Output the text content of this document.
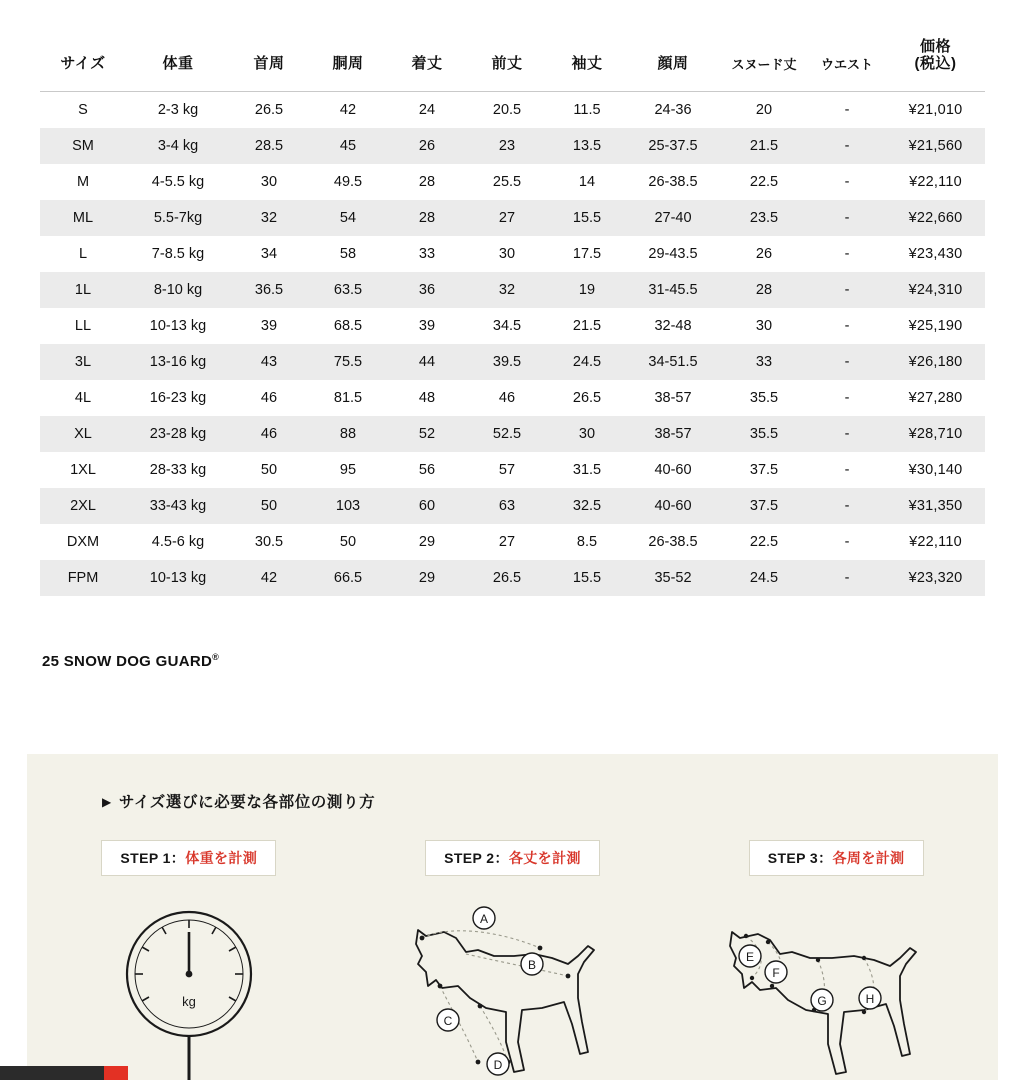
サイズ	体重	首周	胴周	着丈	前丈	袖丈	顔周	スヌード丈	ウエスト	価格
(税込)

S	2-3 kg	26.5	42	24	20.5	11.5	24-36	20	-	¥21,010
SM	3-4 kg	28.5	45	26	23	13.5	25-37.5	21.5	-	¥21,560
M	4-5.5 kg	30	49.5	28	25.5	14	26-38.5	22.5	-	¥22,110
ML	5.5-7kg	32	54	28	27	15.5	27-40	23.5	-	¥22,660
L	7-8.5 kg	34	58	33	30	17.5	29-43.5	26	-	¥23,430
1L	8-10 kg	36.5	63.5	36	32	19	31-45.5	28	-	¥24,310
LL	10-13 kg	39	68.5	39	34.5	21.5	32-48	30	-	¥25,190
3L	13-16 kg	43	75.5	44	39.5	24.5	34-51.5	33	-	¥26,180
4L	16-23 kg	46	81.5	48	46	26.5	38-57	35.5	-	¥27,280
XL	23-28 kg	46	88	52	52.5	30	38-57	35.5	-	¥28,710
1XL	28-33 kg	50	95	56	57	31.5	40-60	37.5	-	¥30,140
2XL	33-43 kg	50	103	60	63	32.5	40-60	37.5	-	¥31,350
DXM	4.5-6 kg	30.5	50	29	27	8.5	26-38.5	22.5	-	¥22,110
FPM	10-13 kg	42	66.5	29	26.5	15.5	35-52	24.5	-	¥23,320
25 SNOW DOG GUARD®
▶ サイズ選びに必要な各部位の測り方
STEP 1：体重を計測
kg
STEP 2：各丈を計測
A
B
C
D
STEP 3：各周を計測
E
F
G	H
